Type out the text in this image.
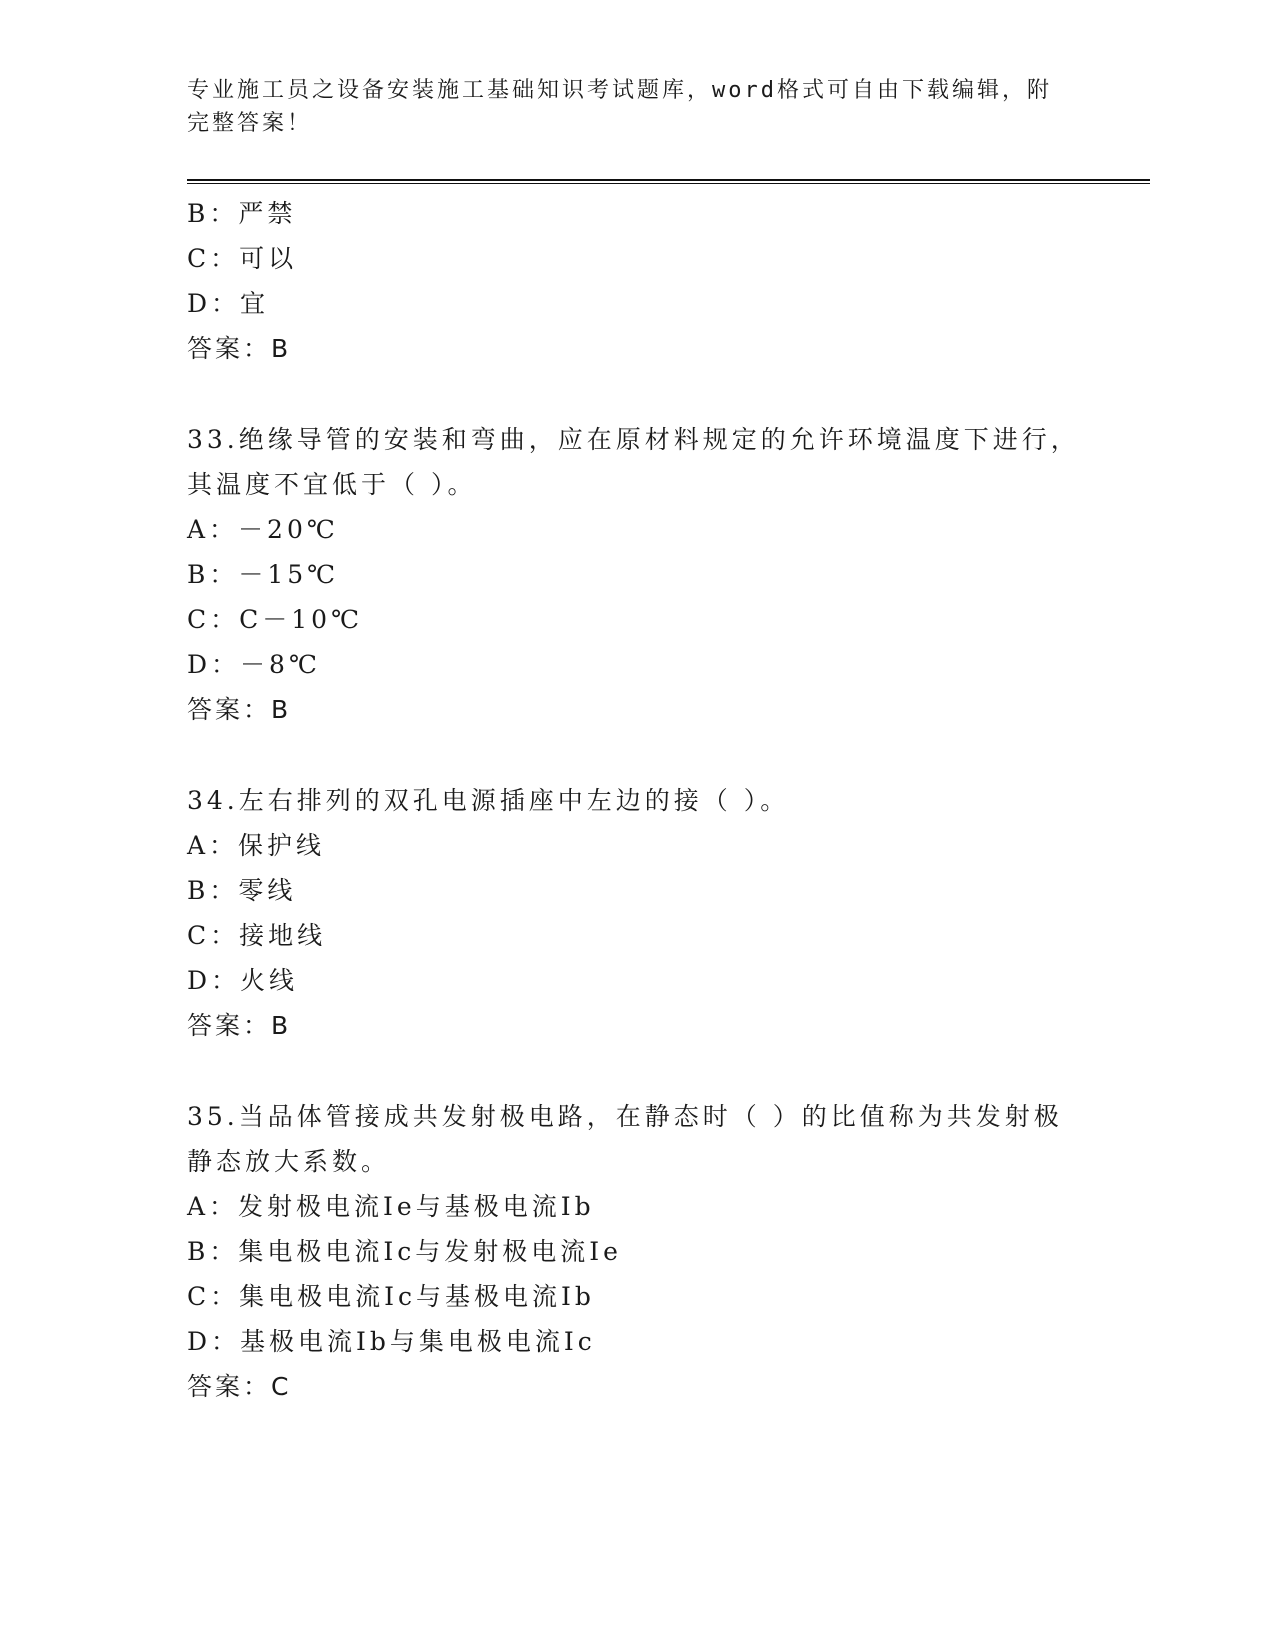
专业施工员之设备安装施工基础知识考试题库，word格式可自由下载编辑，附完整答案！
B：严禁
C：可以
D：宜
答案：B
33.绝缘导管的安装和弯曲，应在原材料规定的允许环境温度下进行，
其温度不宜低于（ ）。
A：－20℃
B：－15℃
C：C－10℃
D：－8℃
答案：B
34.左右排列的双孔电源插座中左边的接（ ）。
A：保护线
B：零线
C：接地线
D：火线
答案：B
35.当品体管接成共发射极电路，在静态时（ ）的比值称为共发射极
静态放大系数。
A：发射极电流Ie与基极电流Ib
B：集电极电流Ic与发射极电流Ie
C：集电极电流Ic与基极电流Ib
D：基极电流Ib与集电极电流Ic
答案：C
